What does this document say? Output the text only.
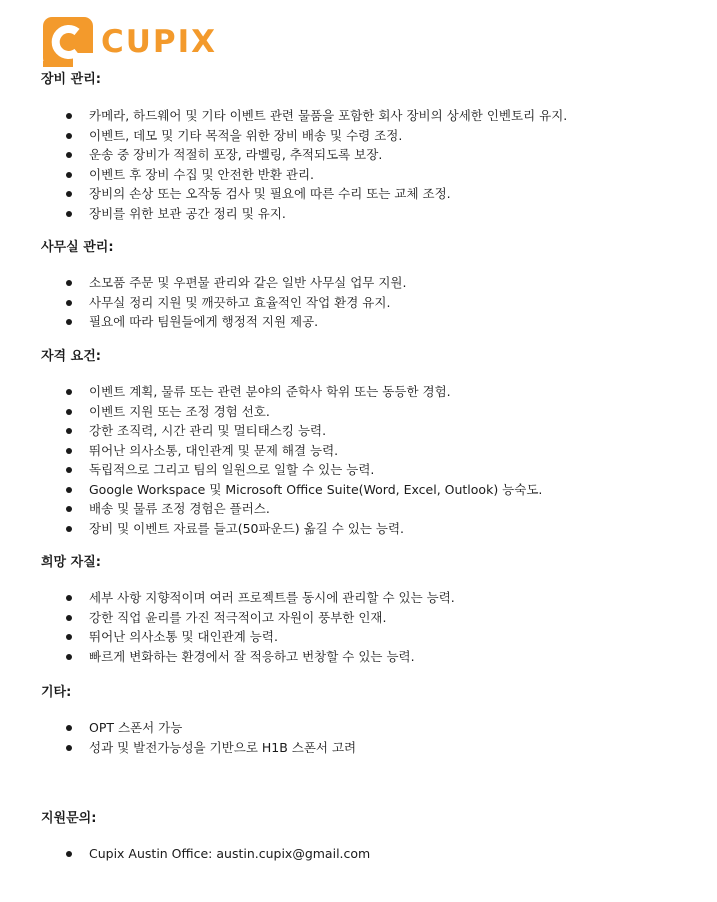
CUPIX
장비 관리:
카메라, 하드웨어 및 기타 이벤트 관련 물품을 포함한 회사 장비의 상세한 인벤토리 유지.
이벤트, 데모 및 기타 목적을 위한 장비 배송 및 수령 조정.
운송 중 장비가 적절히 포장, 라벨링, 추적되도록 보장.
이벤트 후 장비 수집 및 안전한 반환 관리.
장비의 손상 또는 오작동 검사 및 필요에 따른 수리 또는 교체 조정.
장비를 위한 보관 공간 정리 및 유지.
사무실 관리:
소모품 주문 및 우편물 관리와 같은 일반 사무실 업무 지원.
사무실 정리 지원 및 깨끗하고 효율적인 작업 환경 유지.
필요에 따라 팀원들에게 행정적 지원 제공.
자격 요건:
이벤트 계획, 물류 또는 관련 분야의 준학사 학위 또는 동등한 경험.
이벤트 지원 또는 조정 경험 선호.
강한 조직력, 시간 관리 및 멀티태스킹 능력.
뛰어난 의사소통, 대인관계 및 문제 해결 능력.
독립적으로 그리고 팀의 일원으로 일할 수 있는 능력.
Google Workspace 및 Microsoft Office Suite(Word, Excel, Outlook) 능숙도.
배송 및 물류 조정 경험은 플러스.
장비 및 이벤트 자료를 들고(50파운드) 옮길 수 있는 능력.
희망 자질:
세부 사항 지향적이며 여러 프로젝트를 동시에 관리할 수 있는 능력.
강한 직업 윤리를 가진 적극적이고 자원이 풍부한 인재.
뛰어난 의사소통 및 대인관계 능력.
빠르게 변화하는 환경에서 잘 적응하고 번창할 수 있는 능력.
기타:
OPT 스폰서 가능
성과 및 발전가능성을 기반으로 H1B 스폰서 고려
지원문의:
Cupix Austin Office: austin.cupix@gmail.com
